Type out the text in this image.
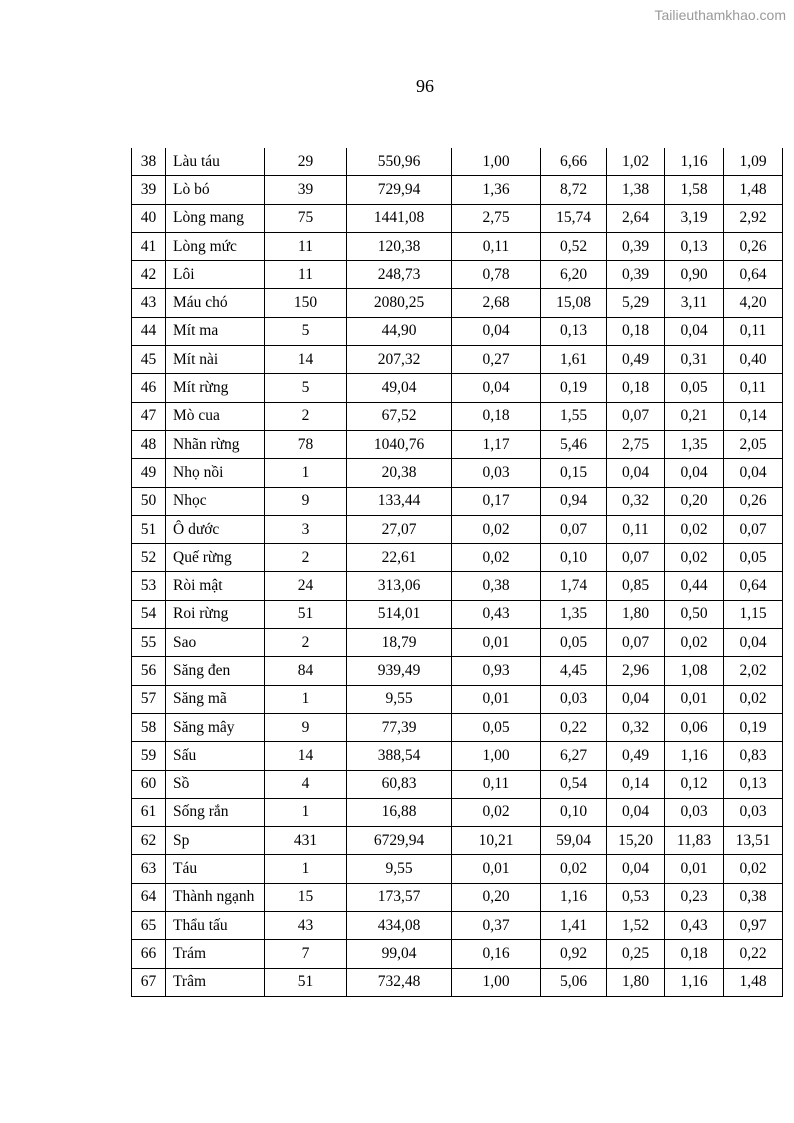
Tailieuthamkhao.com
96
38	Làu táu	29	550,96	1,00	6,66	1,02	1,16	1,09
39	Lò bó	39	729,94	1,36	8,72	1,38	1,58	1,48
40	Lòng mang	75	1441,08	2,75	15,74	2,64	3,19	2,92
41	Lòng mức	11	120,38	0,11	0,52	0,39	0,13	0,26
42	Lôi	11	248,73	0,78	6,20	0,39	0,90	0,64
43	Máu chó	150	2080,25	2,68	15,08	5,29	3,11	4,20
44	Mít ma	5	44,90	0,04	0,13	0,18	0,04	0,11
45	Mít nài	14	207,32	0,27	1,61	0,49	0,31	0,40
46	Mít rừng	5	49,04	0,04	0,19	0,18	0,05	0,11
47	Mò cua	2	67,52	0,18	1,55	0,07	0,21	0,14
48	Nhãn rừng	78	1040,76	1,17	5,46	2,75	1,35	2,05
49	Nhọ nồi	1	20,38	0,03	0,15	0,04	0,04	0,04
50	Nhọc	9	133,44	0,17	0,94	0,32	0,20	0,26
51	Ô dước	3	27,07	0,02	0,07	0,11	0,02	0,07
52	Quế rừng	2	22,61	0,02	0,10	0,07	0,02	0,05
53	Ròi mật	24	313,06	0,38	1,74	0,85	0,44	0,64
54	Roi rừng	51	514,01	0,43	1,35	1,80	0,50	1,15
55	Sao	2	18,79	0,01	0,05	0,07	0,02	0,04
56	Săng đen	84	939,49	0,93	4,45	2,96	1,08	2,02
57	Săng mã	1	9,55	0,01	0,03	0,04	0,01	0,02
58	Săng mây	9	77,39	0,05	0,22	0,32	0,06	0,19
59	Sấu	14	388,54	1,00	6,27	0,49	1,16	0,83
60	Sồ	4	60,83	0,11	0,54	0,14	0,12	0,13
61	Sống rắn	1	16,88	0,02	0,10	0,04	0,03	0,03
62	Sp	431	6729,94	10,21	59,04	15,20	11,83	13,51
63	Táu	1	9,55	0,01	0,02	0,04	0,01	0,02
64	Thành ngạnh	15	173,57	0,20	1,16	0,53	0,23	0,38
65	Thẩu tấu	43	434,08	0,37	1,41	1,52	0,43	0,97
66	Trám	7	99,04	0,16	0,92	0,25	0,18	0,22
67	Trâm	51	732,48	1,00	5,06	1,80	1,16	1,48
